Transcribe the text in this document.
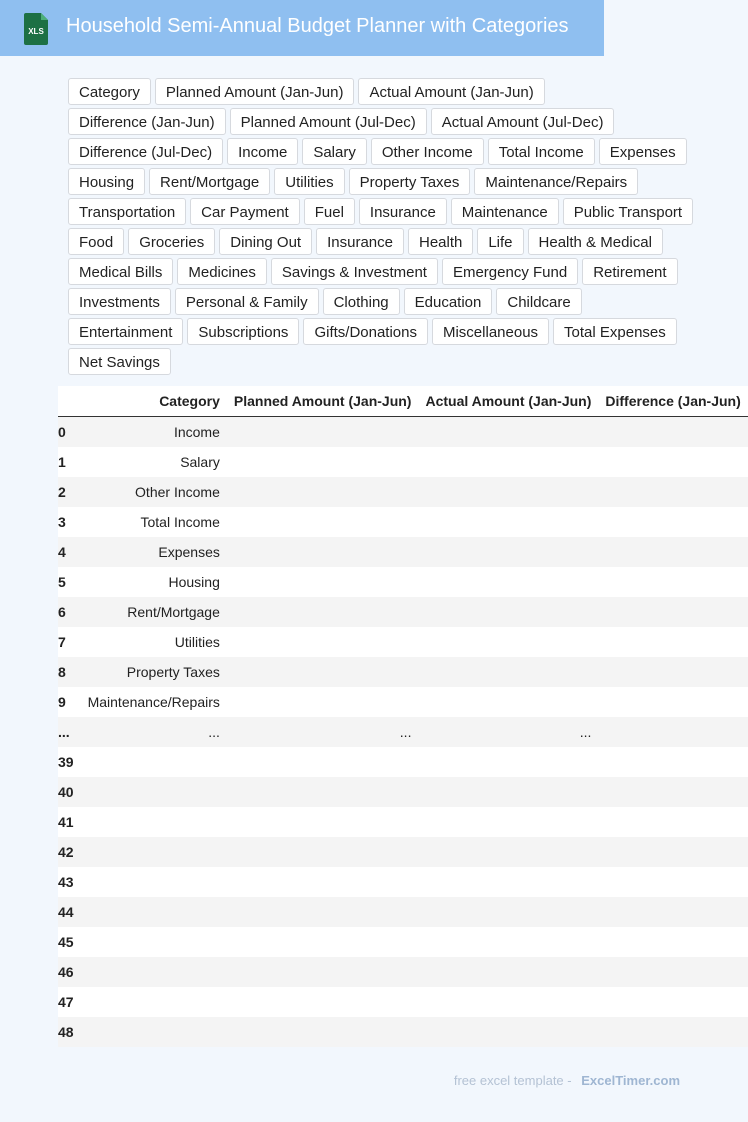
XLS Household Semi-Annual Budget Planner with Categories
Category	Planned Amount (Jan-Jun)	Actual Amount (Jan-Jun)
Difference (Jan-Jun)	Planned Amount (Jul-Dec)	Actual Amount (Jul-Dec)
Difference (Jul-Dec)	Income	Salary	Other Income	Total Income	Expenses
Housing	Rent/Mortgage	Utilities	Property Taxes	Maintenance/Repairs
Transportation	Car Payment	Fuel	Insurance	Maintenance	Public Transport
Food	Groceries	Dining Out	Insurance	Health	Life	Health & Medical
Medical Bills	Medicines	Savings & Investment	Emergency Fund	Retirement
Investments	Personal & Family	Clothing	Education	Childcare
Entertainment	Subscriptions	Gifts/Donations	Miscellaneous	Total Expenses
Net Savings
	Category	Planned Amount (Jan-Jun)	Actual Amount (Jan-Jun)	Difference (Jan-Jun)
0	Income			
1	Salary			
2	Other Income			
3	Total Income			
4	Expenses			
5	Housing			
6	Rent/Mortgage			
7	Utilities			
8	Property Taxes			
9	Maintenance/Repairs			
...	...	...	...	
39				
40				
41				
42				
43				
44				
45				
46				
47				
48				
free excel template - ExcelTimer.com
